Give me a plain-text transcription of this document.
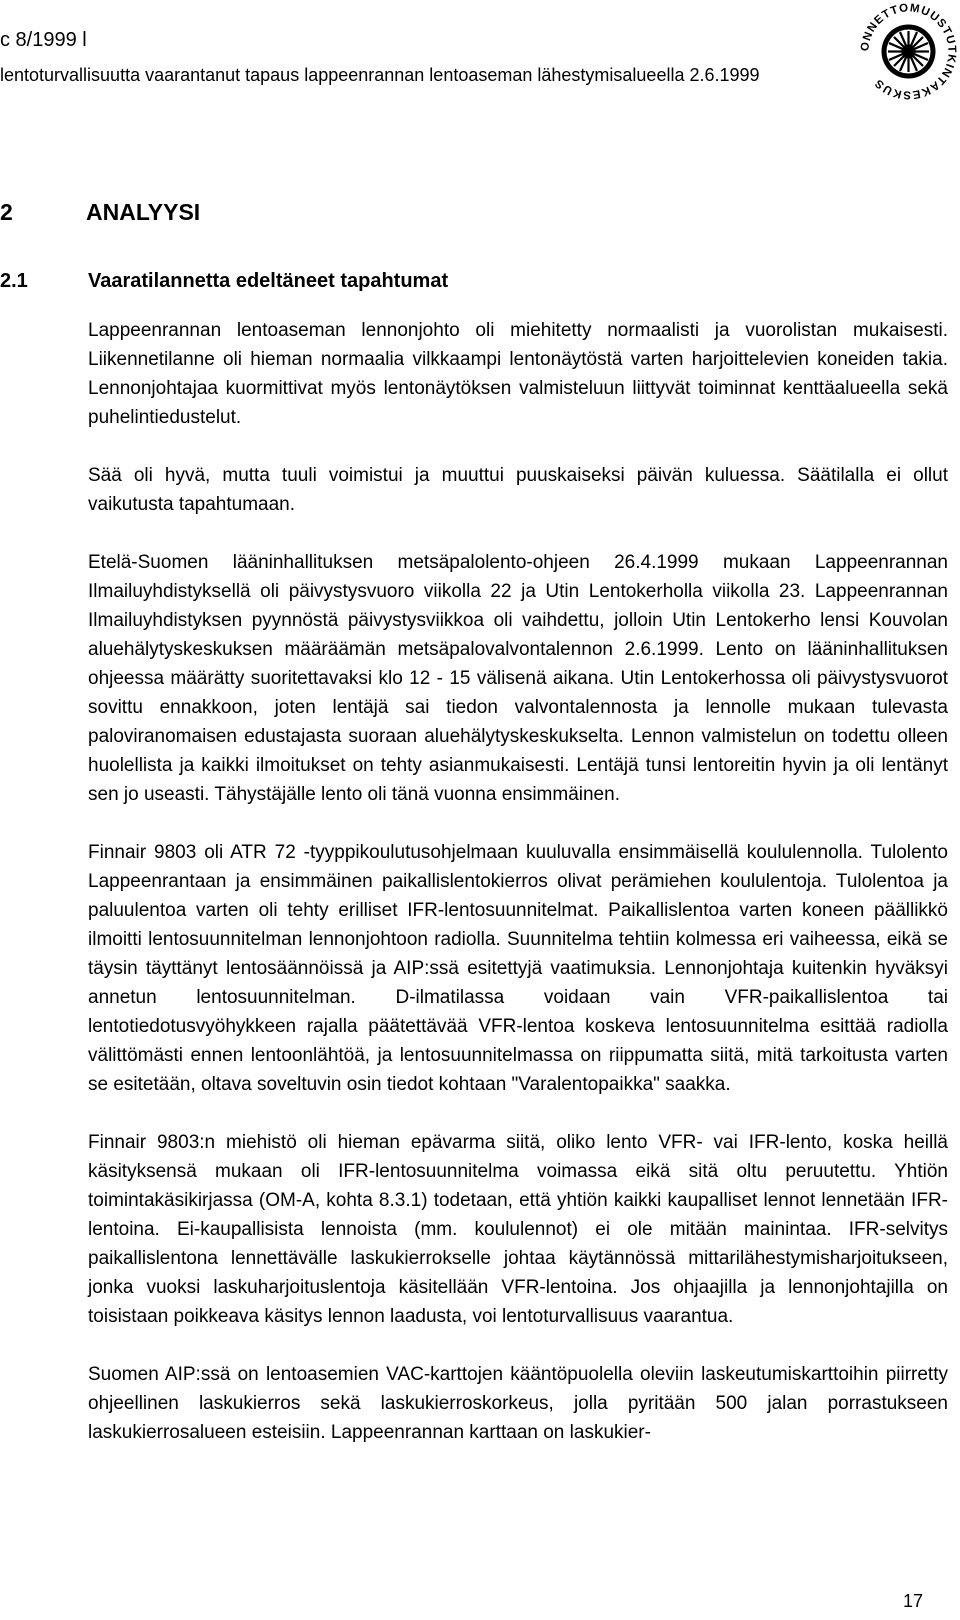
c 8/1999 l
lentoturvallisuutta vaarantanut tapaus lappeenrannan lentoaseman lähestymisalueella 2.6.1999
ONNETTOMUUSTUTKINTAKESKUS
2	ANALYYSI
2.1	Vaaratilannetta edeltäneet tapahtumat

Lappeenrannan lentoaseman lennonjohto oli miehitetty normaalisti ja vuorolistan mukaisesti. Liikennetilanne oli hieman normaalia vilkkaampi lentonäytöstä varten harjoittelevien koneiden takia. Lennonjohtajaa kuormittivat myös lentonäytöksen valmisteluun liittyvät toiminnat kenttäalueella sekä puhelintiedustelut.

Sää oli hyvä, mutta tuuli voimistui ja muuttui puuskaiseksi päivän kuluessa. Säätilalla ei ollut vaikutusta tapahtumaan.

Etelä-Suomen lääninhallituksen metsäpalolento-ohjeen 26.4.1999 mukaan Lappeenrannan Ilmailuyhdistyksellä oli päivystysvuoro viikolla 22 ja Utin Lentokerholla viikolla 23. Lappeenrannan Ilmailuyhdistyksen pyynnöstä päivystysviikkoa oli vaihdettu, jolloin Utin Lentokerho lensi Kouvolan aluehälytyskeskuksen määräämän metsäpalovalvontalennon 2.6.1999. Lento on lääninhallituksen ohjeessa määrätty suoritettavaksi klo 12 - 15 välisenä aikana. Utin Lentokerhossa oli päivystysvuorot sovittu ennakkoon, joten lentäjä sai tiedon valvontalennosta ja lennolle mukaan tulevasta paloviranomaisen edustajasta suoraan aluehälytyskeskukselta. Lennon valmistelun on todettu olleen huolellista ja kaikki ilmoitukset on tehty asianmukaisesti. Lentäjä tunsi lentoreitin hyvin ja oli lentänyt sen jo useasti. Tähystäjälle lento oli tänä vuonna ensimmäinen.

Finnair 9803 oli ATR 72 -tyyppikoulutusohjelmaan kuuluvalla ensimmäisellä koululennolla. Tulolento Lappeenrantaan ja ensimmäinen paikallislentokierros olivat perämiehen koululentoja. Tulolentoa ja paluulentoa varten oli tehty erilliset IFR-lentosuunnitelmat. Paikallislentoa varten koneen päällikkö ilmoitti lentosuunnitelman lennonjohtoon radiolla. Suunnitelma tehtiin kolmessa eri vaiheessa, eikä se täysin täyttänyt lentosäännöissä ja AIP:ssä esitettyjä vaatimuksia. Lennonjohtaja kuitenkin hyväksyi annetun lentosuunnitelman. D-ilmatilassa voidaan vain VFR-paikallislentoa tai lentotiedotusvyöhykkeen rajalla päätettävää VFR-lentoa koskeva lentosuunnitelma esittää radiolla välittömästi ennen lentoonlähtöä, ja lentosuunnitelmassa on riippumatta siitä, mitä tarkoitusta varten se esitetään, oltava soveltuvin osin tiedot kohtaan "Varalentopaikka" saakka.

Finnair 9803:n miehistö oli hieman epävarma siitä, oliko lento VFR- vai IFR-lento, koska heillä käsityksensä mukaan oli IFR-lentosuunnitelma voimassa eikä sitä oltu peruutettu. Yhtiön toimintakäsikirjassa (OM-A, kohta 8.3.1) todetaan, että yhtiön kaikki kaupalliset lennot lennetään IFR-lentoina. Ei-kaupallisista lennoista (mm. koululennot) ei ole mitään mainintaa. IFR-selvitys paikallislentona lennettävälle laskukierrokselle johtaa käytännössä mittarilähestymisharjoitukseen, jonka vuoksi laskuharjoituslentoja käsitellään VFR-lentoina. Jos ohjaajilla ja lennonjohtajilla on toisistaan poikkeava käsitys lennon laadusta, voi lentoturvallisuus vaarantua.

Suomen AIP:ssä on lentoasemien VAC-karttojen kääntöpuolella oleviin laskeutumiskarttoihin piirretty ohjeellinen laskukierros sekä laskukierroskorkeus, jolla pyritään 500 jalan porrastukseen laskukierrosalueen esteisiin. Lappeenrannan karttaan on laskukier-

17
